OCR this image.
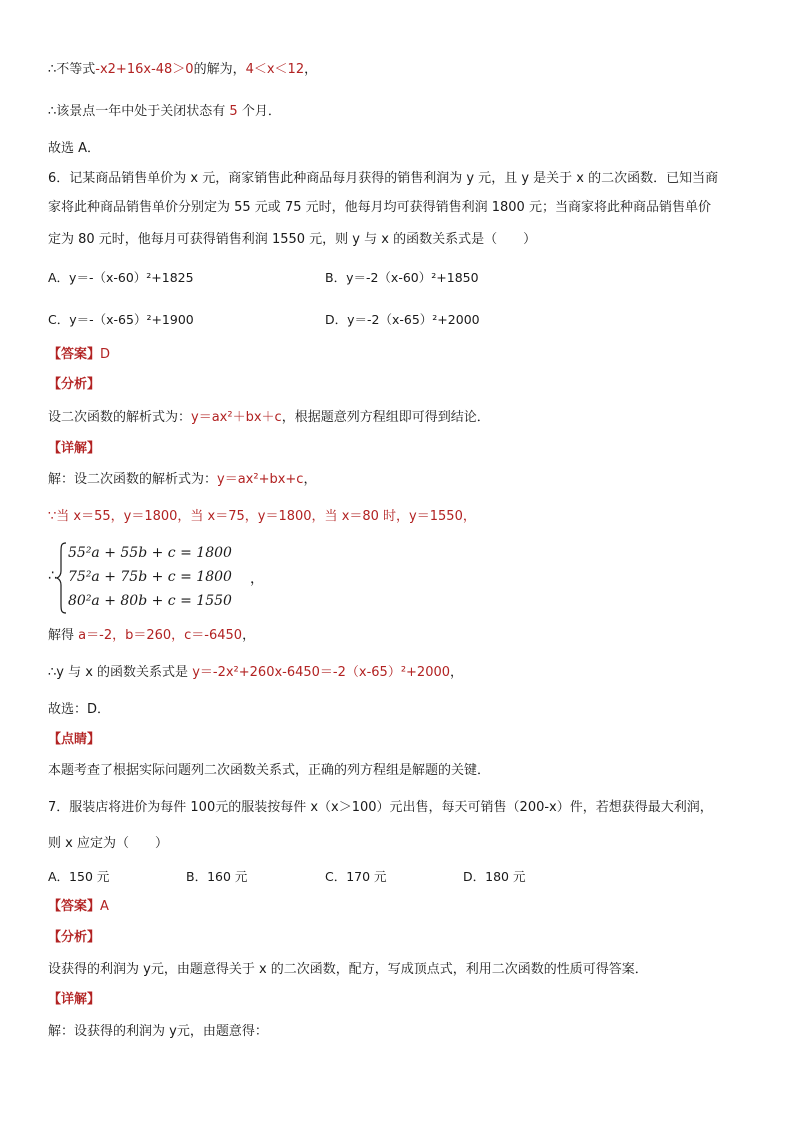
∴不等式-x2+16x-48＞0的解为，4＜x＜12，
∴该景点一年中处于关闭状态有 5 个月．
故选 A．
6．记某商品销售单价为 x 元，商家销售此种商品每月获得的销售利润为 y 元，且 y 是关于 x 的二次函数．已知当商
家将此种商品销售单价分别定为 55 元或 75 元时，他每月均可获得销售利润 1800 元；当商家将此种商品销售单价
定为 80 元时，他每月可获得销售利润 1550 元，则 y 与 x 的函数关系式是（　　）
A．y＝-（x-60）²+1825	B．y＝-2（x-60）²+1850
C．y＝-（x-65）²+1900	D．y＝-2（x-65）²+2000
【答案】D
【分析】
设二次函数的解析式为：y＝ax²＋bx＋c，根据题意列方程组即可得到结论．
【详解】
解：设二次函数的解析式为：y＝ax²+bx+c，
∵当 x＝55，y＝1800，当 x＝75，y＝1800，当 x＝80 时，y＝1550，
∴
55²a + 55b + c = 1800
75²a + 75b + c = 1800
80²a + 80b + c = 1550
，
解得 a＝-2，b＝260，c＝-6450，
∴y 与 x 的函数关系式是 y＝-2x²+260x-6450＝-2（x-65）²+2000，
故选：D．
【点睛】
本题考查了根据实际问题列二次函数关系式，正确的列方程组是解题的关键．
7．服装店将进价为每件 100元的服装按每件 x（x＞100）元出售，每天可销售（200-x）件，若想获得最大利润，
则 x 应定为（　　）
A．150 元	B．160 元	C．170 元	D．180 元
【答案】A
【分析】
设获得的利润为 y元，由题意得关于 x 的二次函数，配方，写成顶点式，利用二次函数的性质可得答案．
【详解】
解：设获得的利润为 y元，由题意得：
